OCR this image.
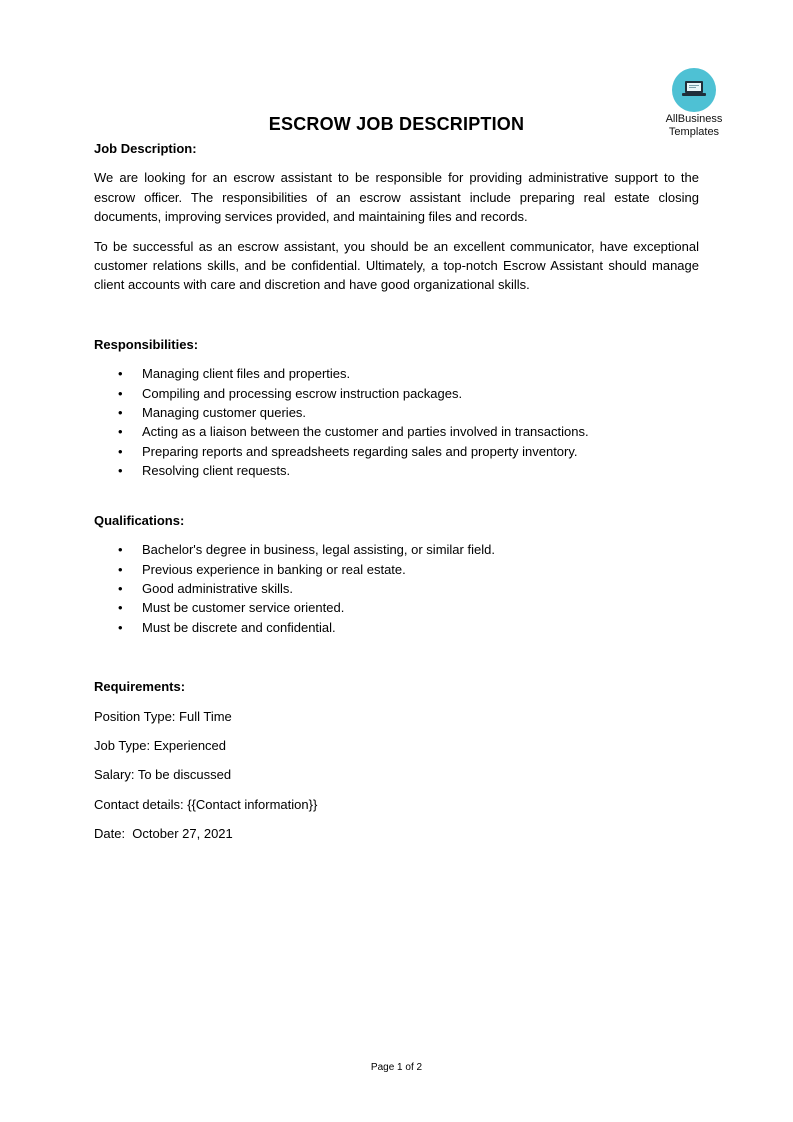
AllBusiness
Templates
ESCROW JOB DESCRIPTION

Job Description:

We are looking for an escrow assistant to be responsible for providing administrative support to the escrow officer. The responsibilities of an escrow assistant include preparing real estate closing documents, improving services provided, and maintaining files and records.

To be successful as an escrow assistant, you should be an excellent communicator, have exceptional customer relations skills, and be confidential. Ultimately, a top-notch Escrow Assistant should manage client accounts with care and discretion and have good organizational skills.

Responsibilities:

• Managing client files and properties.
• Compiling and processing escrow instruction packages.
• Managing customer queries.
• Acting as a liaison between the customer and parties involved in transactions.
• Preparing reports and spreadsheets regarding sales and property inventory.
• Resolving client requests.

Qualifications:

• Bachelor's degree in business, legal assisting, or similar field.
• Previous experience in banking or real estate.
• Good administrative skills.
• Must be customer service oriented.
• Must be discrete and confidential.

Requirements:

Position Type: Full Time

Job Type: Experienced

Salary: To be discussed

Contact details: {{Contact information}}

Date:  October 27, 2021

Page 1 of 2
